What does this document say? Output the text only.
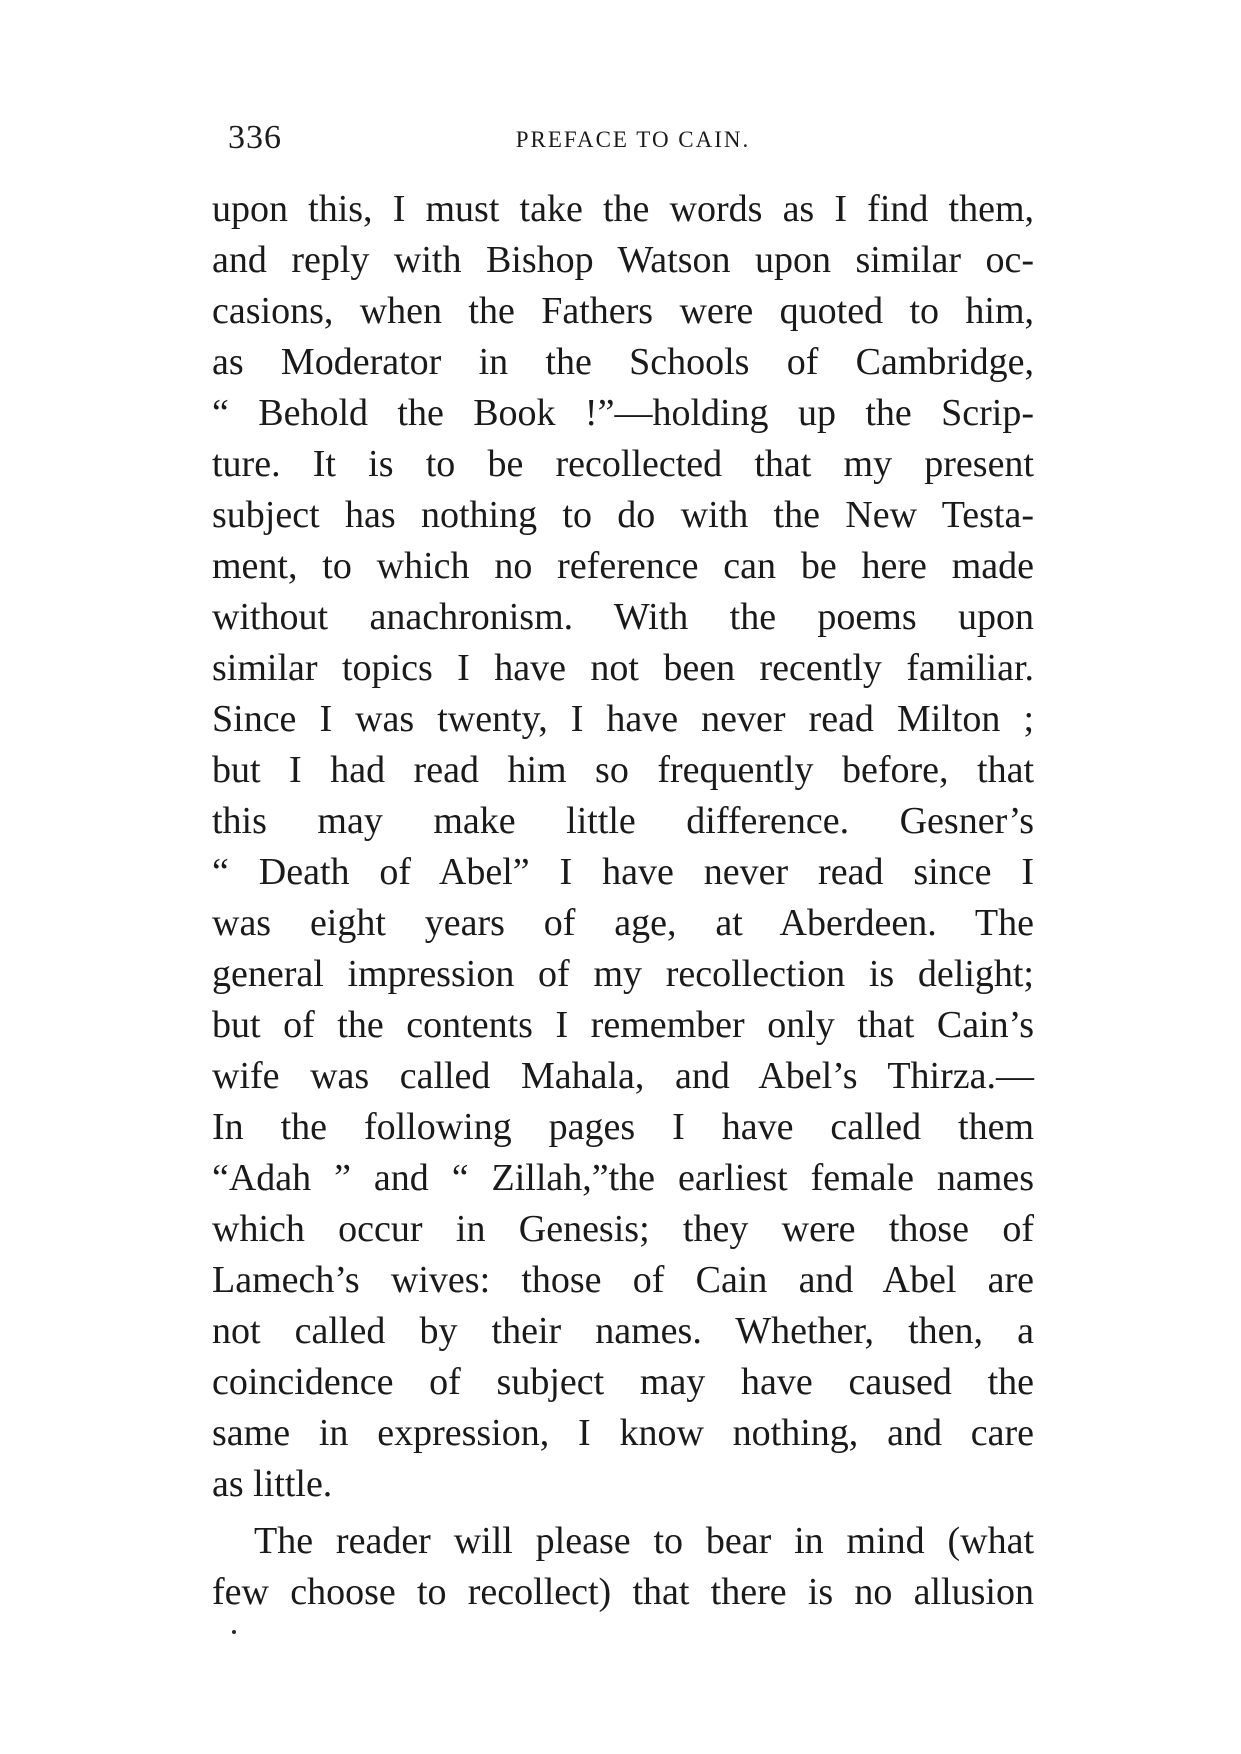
336	PREFACE TO CAIN.
upon this, I must take the words as I find them,
and reply with Bishop Watson upon similar oc-
casions, when the Fathers were quoted to him,
as Moderator in the Schools of Cambridge,
“ Behold the Book !”—holding up the Scrip-
ture. It is to be recollected that my present
subject has nothing to do with the New Testa-
ment, to which no reference can be here made
without anachronism. With the poems upon
similar topics I have not been recently familiar.
Since I was twenty, I have never read Milton ;
but I had read him so frequently before, that
this may make little difference. Gesner’s
“ Death of Abel” I have never read since I
was eight years of age, at Aberdeen. The
general impression of my recollection is delight;
but of the contents I remember only that Cain’s
wife was called Mahala, and Abel’s Thirza.—
In the following pages I have called them
“Adah ” and “ Zillah,”the earliest female names
which occur in Genesis; they were those of
Lamech’s wives: those of Cain and Abel are
not called by their names. Whether, then, a
coincidence of subject may have caused the
same in expression, I know nothing, and care
as little.
The reader will please to bear in mind (what
few choose to recollect) that there is no allusion
